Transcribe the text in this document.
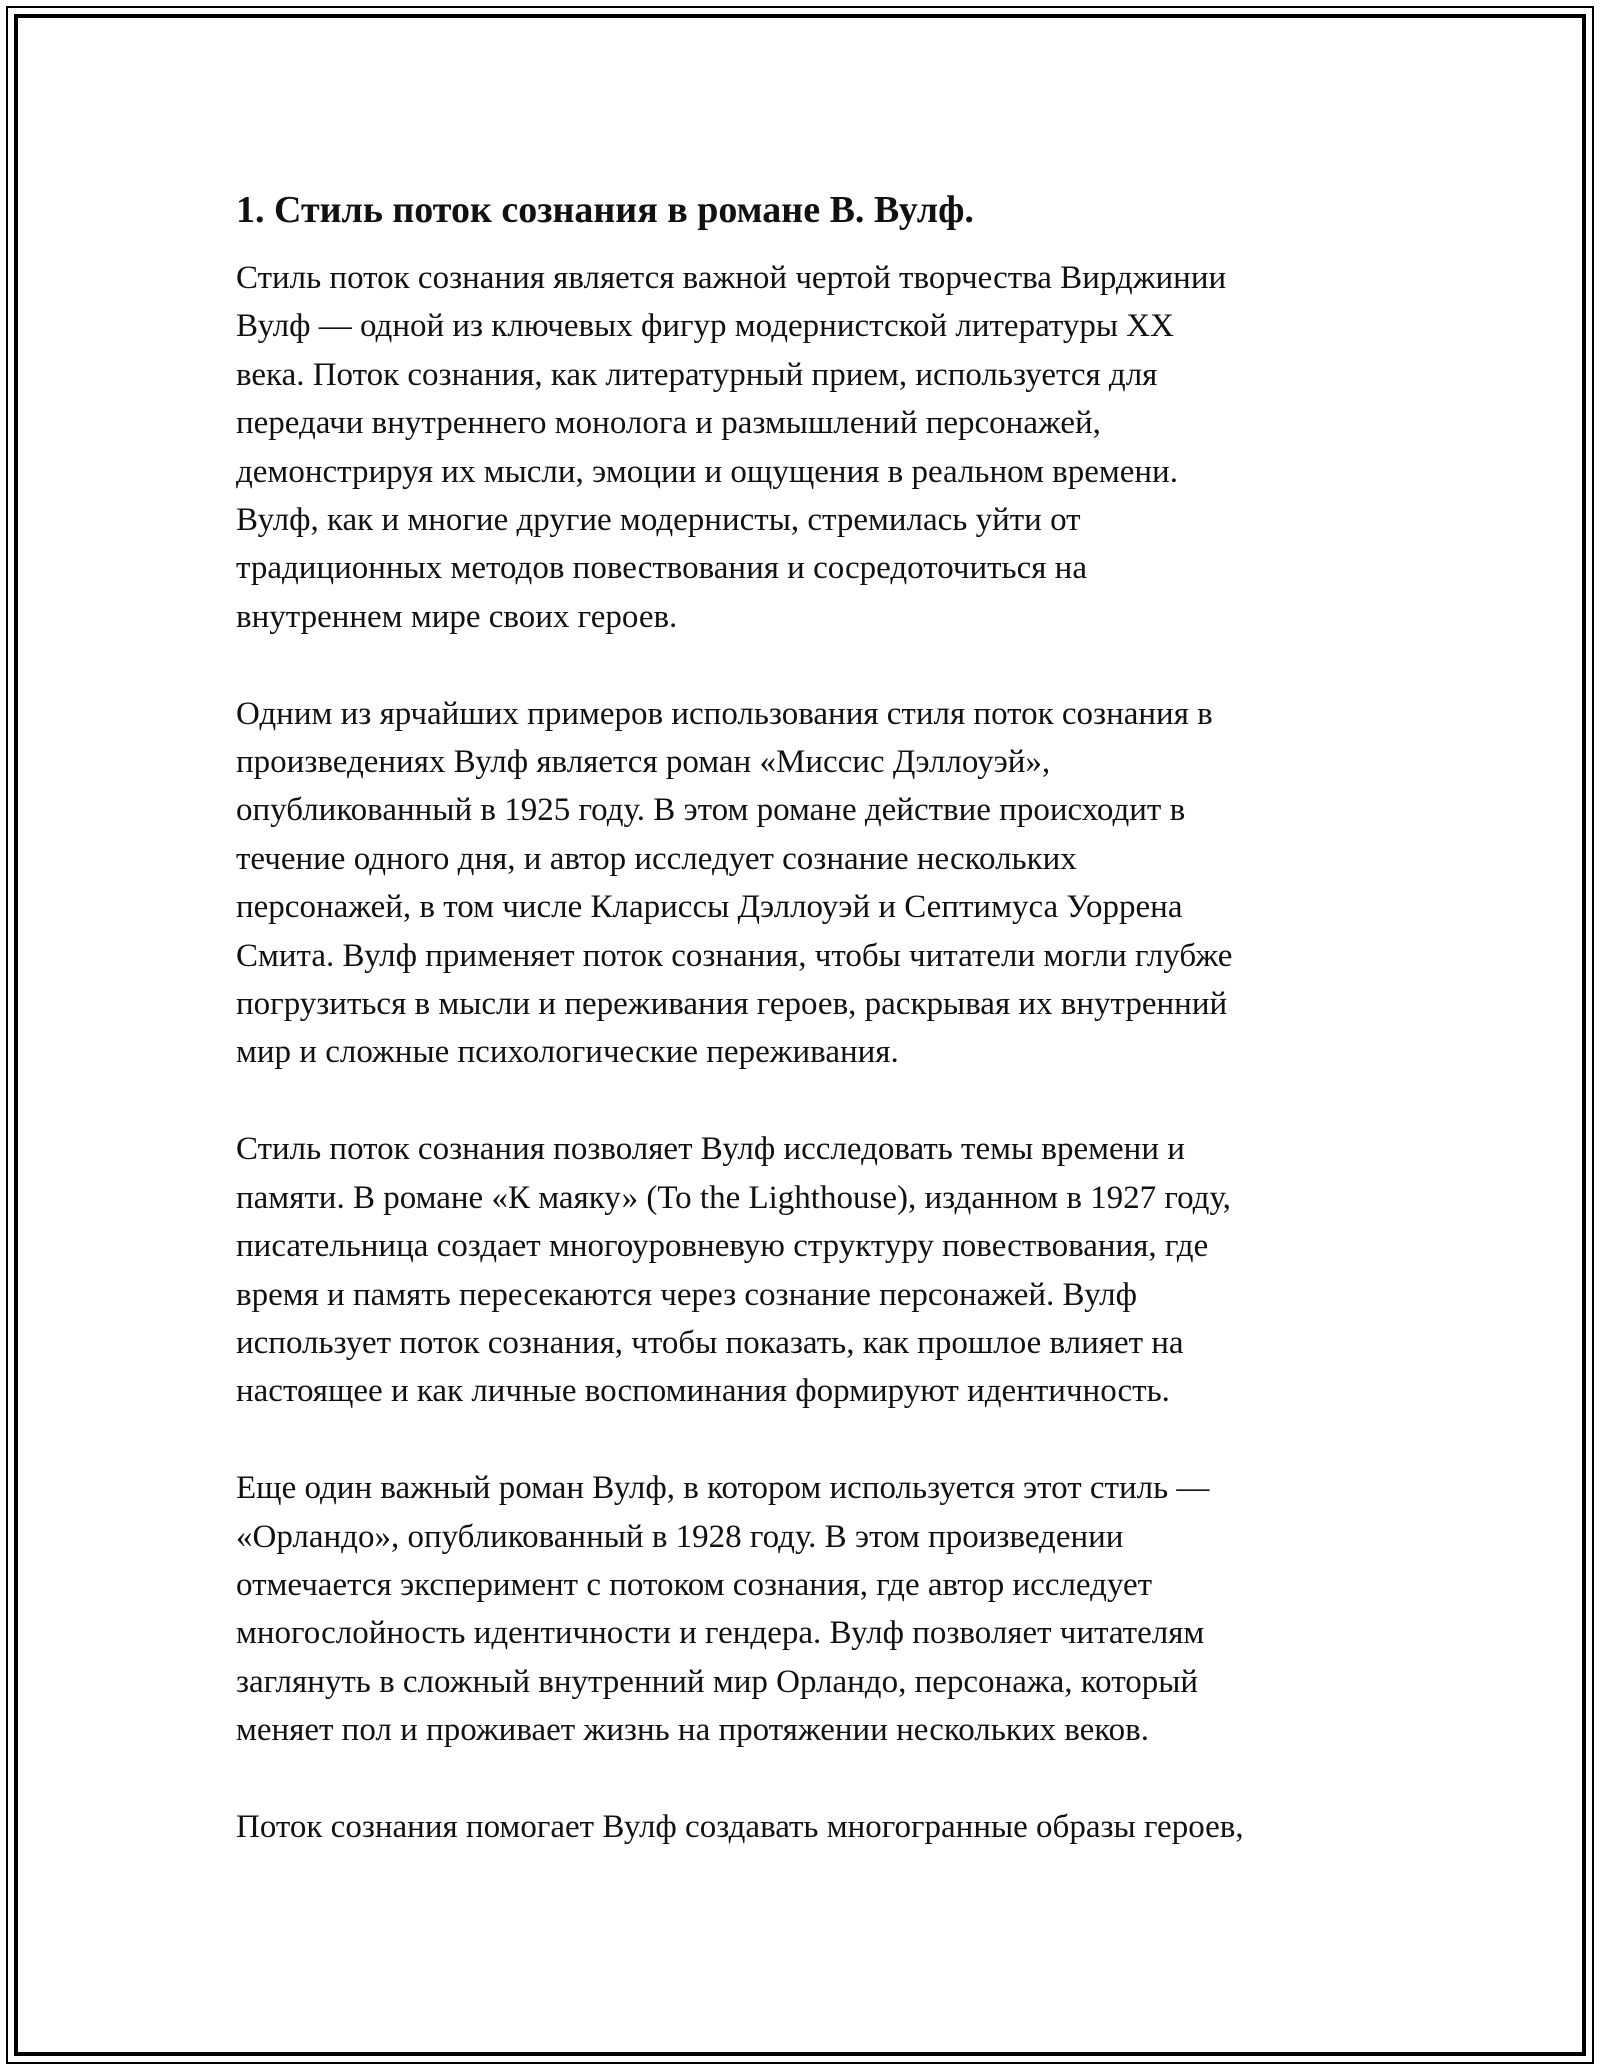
1. Стиль поток сознания в романе В. Вулф.

Стиль поток сознания является важной чертой творчества Вирджинии
Вулф — одной из ключевых фигур модернистской литературы XX
века. Поток сознания, как литературный прием, используется для
передачи внутреннего монолога и размышлений персонажей,
демонстрируя их мысли, эмоции и ощущения в реальном времени.
Вулф, как и многие другие модернисты, стремилась уйти от
традиционных методов повествования и сосредоточиться на
внутреннем мире своих героев.

Одним из ярчайших примеров использования стиля поток сознания в
произведениях Вулф является роман «Миссис Дэллоуэй»,
опубликованный в 1925 году. В этом романе действие происходит в
течение одного дня, и автор исследует сознание нескольких
персонажей, в том числе Клариссы Дэллоуэй и Септимуса Уоррена
Смита. Вулф применяет поток сознания, чтобы читатели могли глубже
погрузиться в мысли и переживания героев, раскрывая их внутренний
мир и сложные психологические переживания.

Стиль поток сознания позволяет Вулф исследовать темы времени и
памяти. В романе «К маяку» (To the Lighthouse), изданном в 1927 году,
писательница создает многоуровневую структуру повествования, где
время и память пересекаются через сознание персонажей. Вулф
использует поток сознания, чтобы показать, как прошлое влияет на
настоящее и как личные воспоминания формируют идентичность.

Еще один важный роман Вулф, в котором используется этот стиль —
«Орландо», опубликованный в 1928 году. В этом произведении
отмечается эксперимент с потоком сознания, где автор исследует
многослойность идентичности и гендера. Вулф позволяет читателям
заглянуть в сложный внутренний мир Орландо, персонажа, который
меняет пол и проживает жизнь на протяжении нескольких веков.

Поток сознания помогает Вулф создавать многогранные образы героев,
